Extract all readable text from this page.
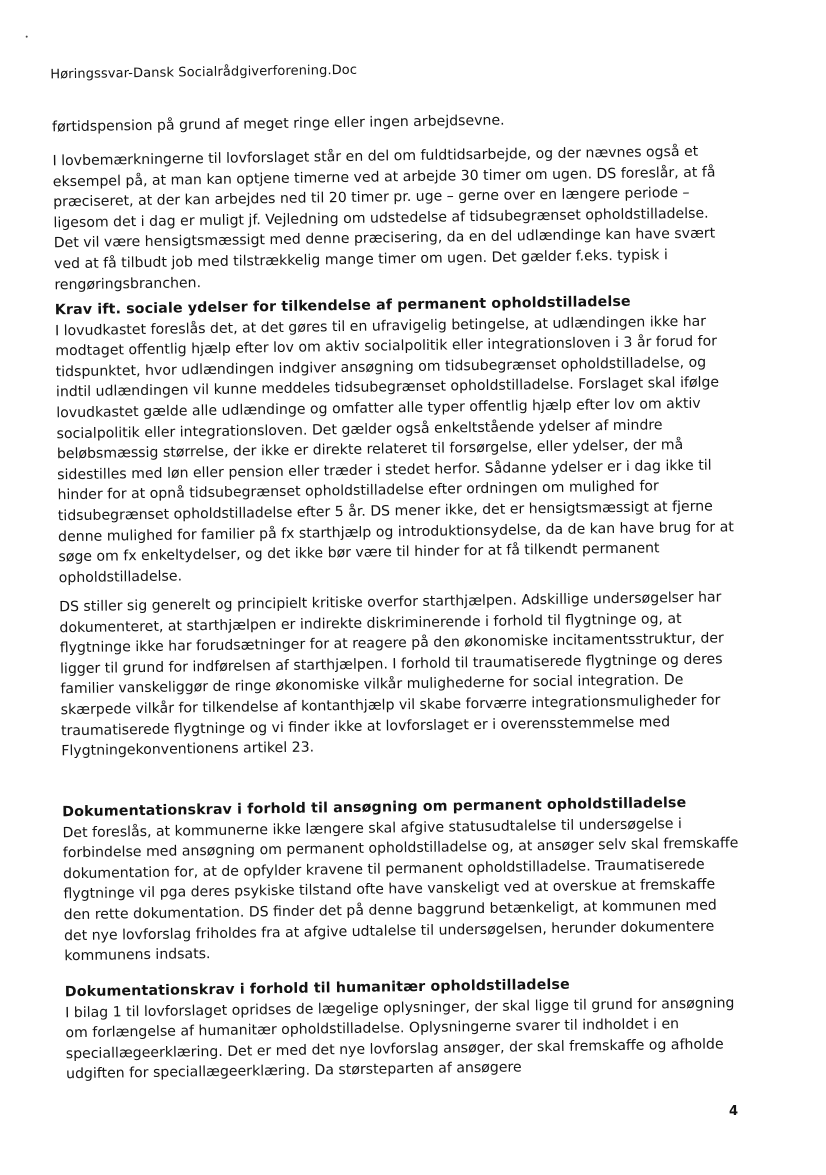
Høringssvar-Dansk Socialrådgiverforening.Doc

førtidspension på grund af meget ringe eller ingen arbejdsevne.

I lovbemærkningerne til lovforslaget står en del om fuldtidsarbejde, og der nævnes også et eksempel på, at man kan optjene timerne ved at arbejde 30 timer om ugen. DS foreslår, at få præciseret, at der kan arbejdes ned til 20 timer pr. uge – gerne over en længere periode – ligesom det i dag er muligt jf. Vejledning om udstedelse af tidsubegrænset opholdstilladelse. Det vil være hensigtsmæssigt med denne præcisering, da en del udlændinge kan have svært ved at få tilbudt job med tilstrækkelig mange timer om ugen. Det gælder f.eks. typisk i rengøringsbranchen.

Krav ift. sociale ydelser for tilkendelse af permanent opholdstilladelse

I lovudkastet foreslås det, at det gøres til en ufravigelig betingelse, at udlændingen ikke har modtaget offentlig hjælp efter lov om aktiv socialpolitik eller integrationsloven i 3 år forud for tidspunktet, hvor udlændingen indgiver ansøgning om tidsubegrænset opholdstilladelse, og indtil udlændingen vil kunne meddeles tidsubegrænset opholdstilladelse. Forslaget skal ifølge lovudkastet gælde alle udlændinge og omfatter alle typer offentlig hjælp efter lov om aktiv socialpolitik eller integrationsloven. Det gælder også enkeltstående ydelser af mindre beløbsmæssig størrelse, der ikke er direkte relateret til forsørgelse, eller ydelser, der må sidestilles med løn eller pension eller træder i stedet herfor. Sådanne ydelser er i dag ikke til hinder for at opnå tidsubegrænset opholdstilladelse efter ordningen om mulighed for tidsubegrænset opholdstilladelse efter 5 år. DS mener ikke, det er hensigtsmæssigt at fjerne denne mulighed for familier på fx starthjælp og introduktionsydelse, da de kan have brug for at søge om fx enkeltydelser, og det ikke bør være til hinder for at få tilkendt permanent opholdstilladelse.

DS stiller sig generelt og principielt kritiske overfor starthjælpen. Adskillige undersøgelser har dokumenteret, at starthjælpen er indirekte diskriminerende i forhold til flygtninge og, at flygtninge ikke har forudsætninger for at reagere på den økonomiske incitamentsstruktur, der ligger til grund for indførelsen af starthjælpen. I forhold til traumatiserede flygtninge og deres familier vanskeliggør de ringe økonomiske vilkår mulighederne for social integration. De skærpede vilkår for tilkendelse af kontanthjælp vil skabe forværre integrationsmuligheder for traumatiserede flygtninge og vi finder ikke at lovforslaget er i overensstemmelse med Flygtningekonventionens artikel 23.

Dokumentationskrav i forhold til ansøgning om permanent opholdstilladelse

Det foreslås, at kommunerne ikke længere skal afgive statusudtalelse til undersøgelse i forbindelse med ansøgning om permanent opholdstilladelse og, at ansøger selv skal fremskaffe dokumentation for, at de opfylder kravene til permanent opholdstilladelse. Traumatiserede flygtninge vil pga deres psykiske tilstand ofte have vanskeligt ved at overskue at fremskaffe den rette dokumentation. DS finder det på denne baggrund betænkeligt, at kommunen med det nye lovforslag friholdes fra at afgive udtalelse til undersøgelsen, herunder dokumentere kommunens indsats.

Dokumentationskrav i forhold til humanitær opholdstilladelse

I bilag 1 til lovforslaget opridses de lægelige oplysninger, der skal ligge til grund for ansøgning om forlængelse af humanitær opholdstilladelse. Oplysningerne svarer til indholdet i en speciallægeerklæring. Det er med det nye lovforslag ansøger, der skal fremskaffe og afholde udgiften for speciallægeerklæring. Da størsteparten af ansøgere

4
